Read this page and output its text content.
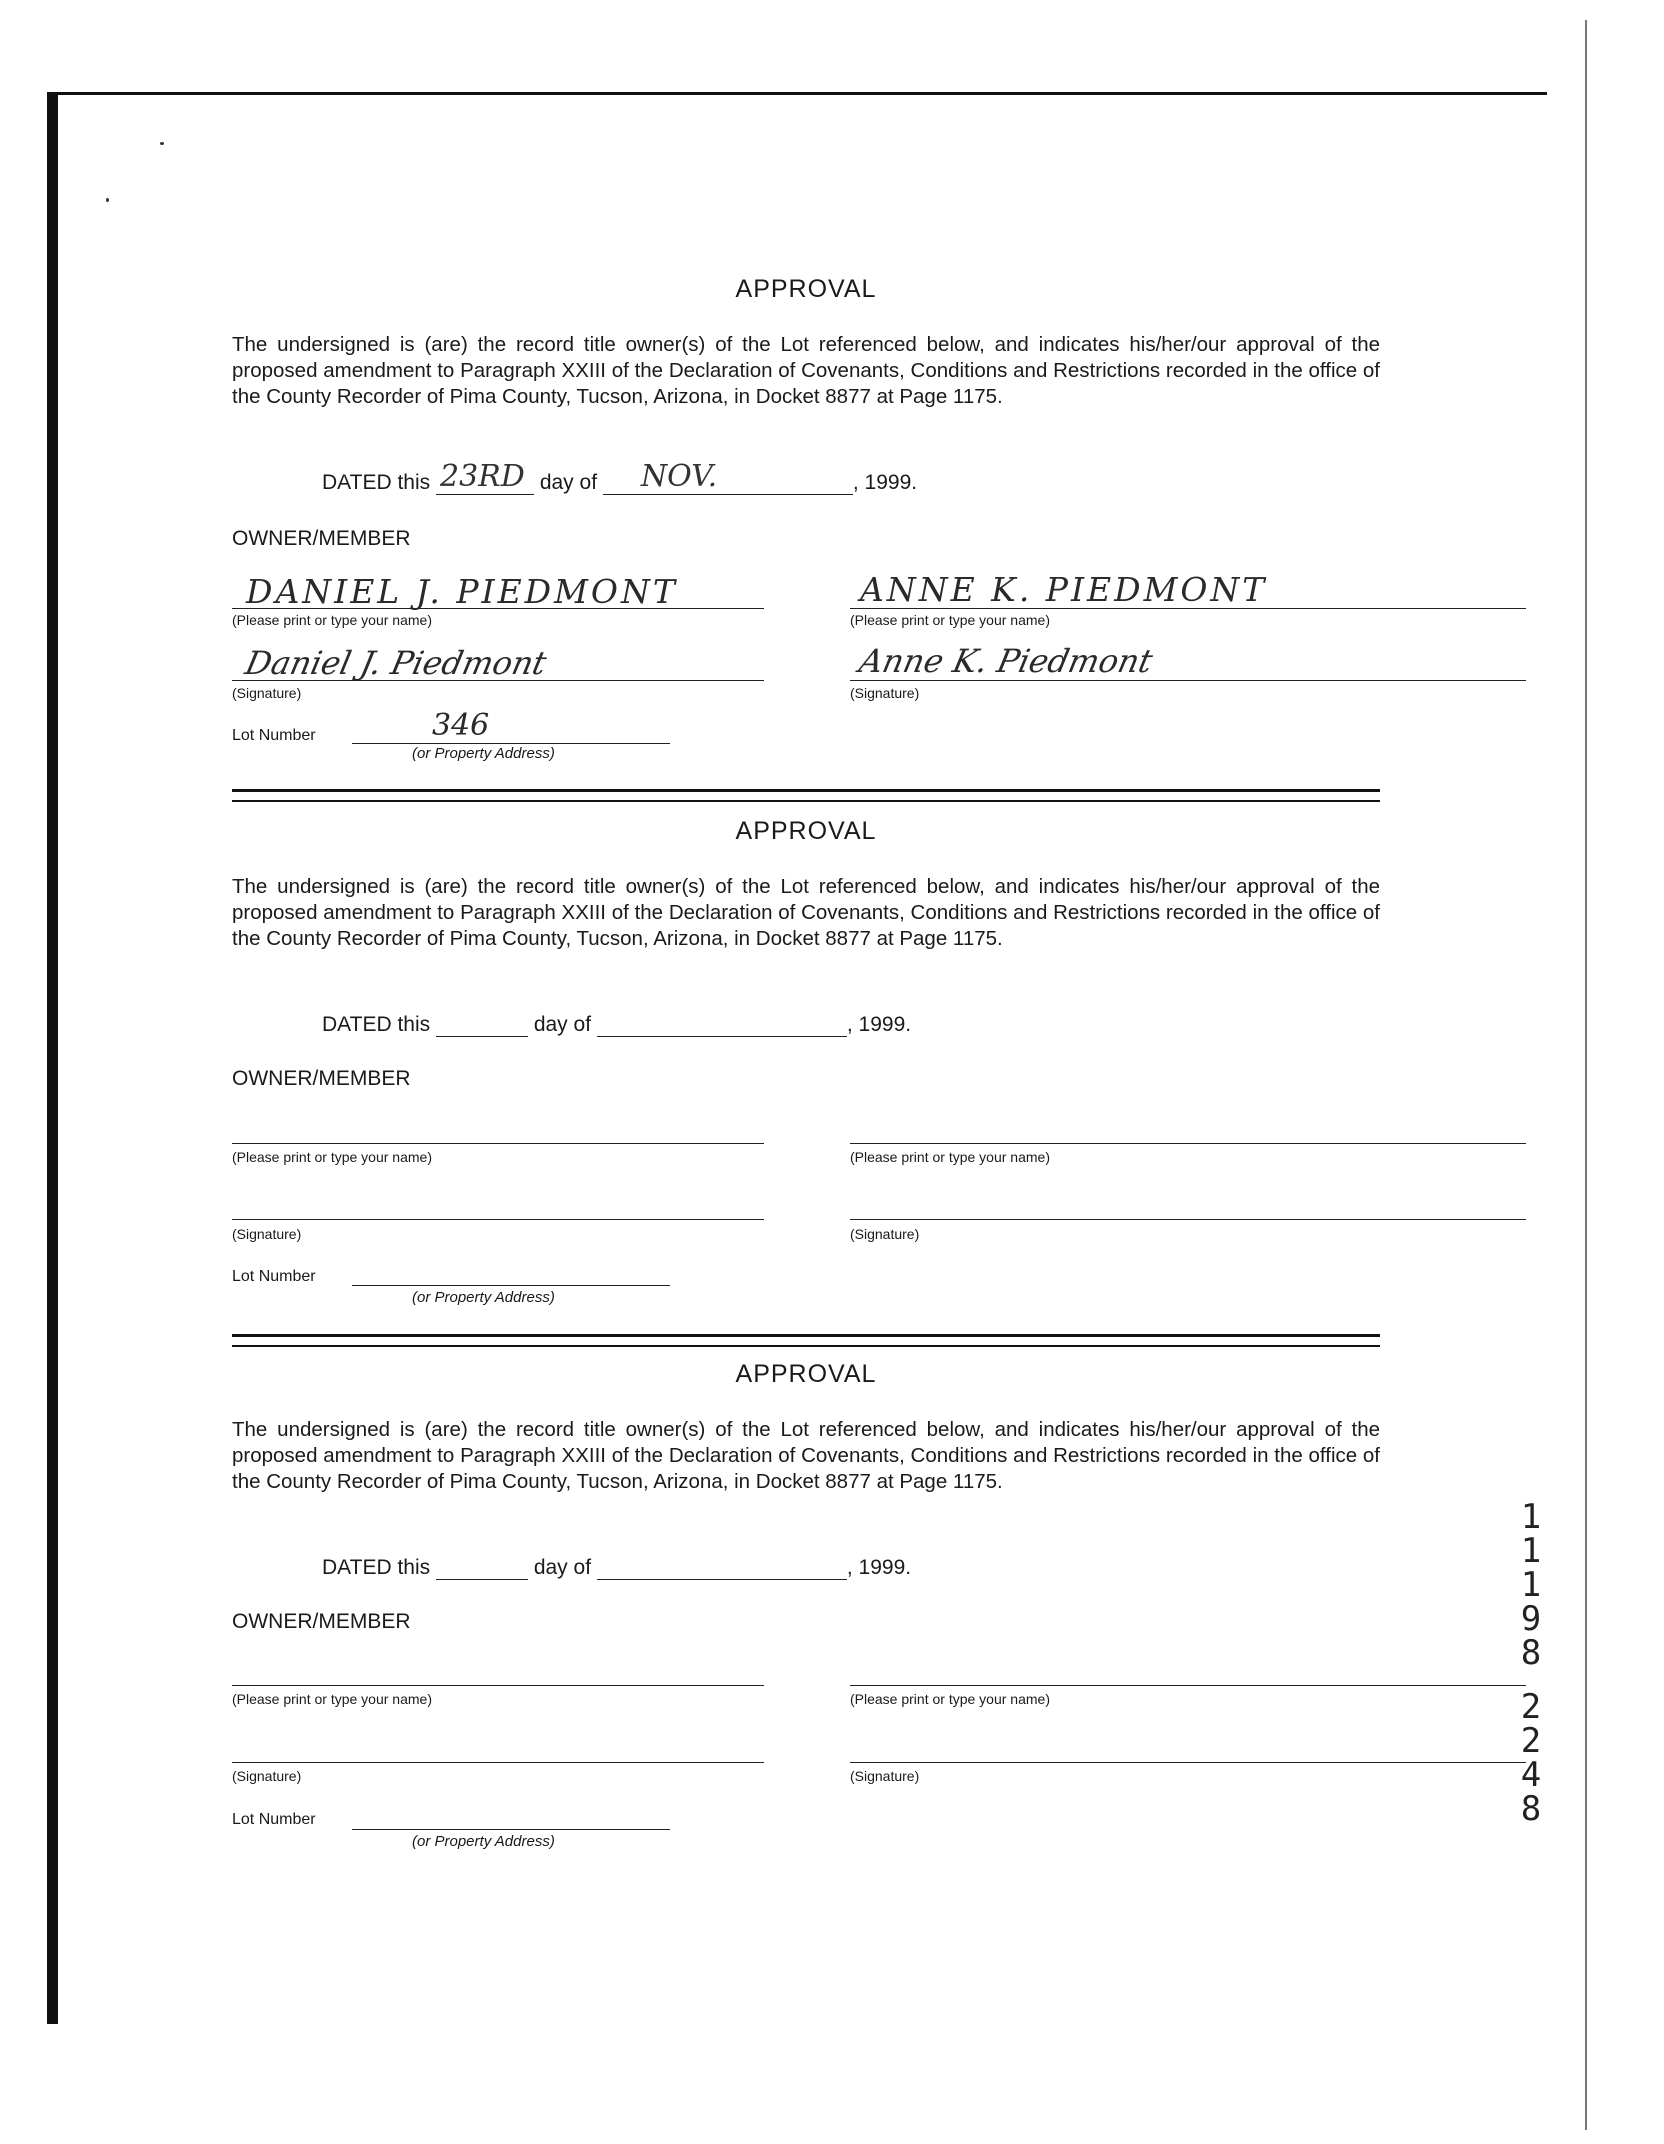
APPROVAL
The undersigned is (are) the record title owner(s) of the Lot referenced below, and indicates his/her/our approval of the proposed amendment to Paragraph XXIII of the Declaration of Covenants, Conditions and Restrictions recorded in the office of the County Recorder of Pima County, Tucson, Arizona, in Docket 8877 at Page 1175.
DATED this 23RD day of NOV.	, 1999.
OWNER/MEMBER
DANIEL J. PIEDMONT
(Please print or type your name)
ANNE K. PIEDMONT
(Please print or type your name)
Daniel J. Piedmont
(Signature)
Anne K. Piedmont
(Signature)
Lot Number	346
(or Property Address)
APPROVAL
The undersigned is (are) the record title owner(s) of the Lot referenced below, and indicates his/her/our approval of the proposed amendment to Paragraph XXIII of the Declaration of Covenants, Conditions and Restrictions recorded in the office of the County Recorder of Pima County, Tucson, Arizona, in Docket 8877 at Page 1175.
DATED this	day of	, 1999.
OWNER/MEMBER
(Please print or type your name)	(Please print or type your name)
(Signature)	(Signature)
Lot Number
(or Property Address)
APPROVAL
The undersigned is (are) the record title owner(s) of the Lot referenced below, and indicates his/her/our approval of the proposed amendment to Paragraph XXIII of the Declaration of Covenants, Conditions and Restrictions recorded in the office of the County Recorder of Pima County, Tucson, Arizona, in Docket 8877 at Page 1175.
DATED this	day of	, 1999.
OWNER/MEMBER
(Please print or type your name)	(Please print or type your name)
(Signature)	(Signature)
Lot Number
(or Property Address)
1
1
1
9
8
2
2
4
8
